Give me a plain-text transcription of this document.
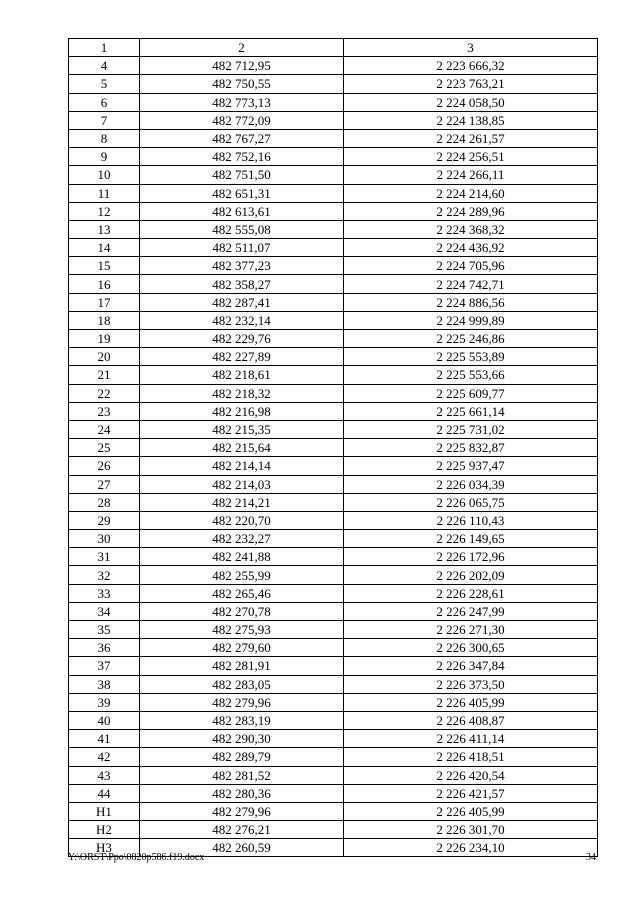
1	2	3
4	482 712,95	2 223 666,32
5	482 750,55	2 223 763,21
6	482 773,13	2 224 058,50
7	482 772,09	2 224 138,85
8	482 767,27	2 224 261,57
9	482 752,16	2 224 256,51
10	482 751,50	2 224 266,11
11	482 651,31	2 224 214,60
12	482 613,61	2 224 289,96
13	482 555,08	2 224 368,32
14	482 511,07	2 224 436,92
15	482 377,23	2 224 705,96
16	482 358,27	2 224 742,71
17	482 287,41	2 224 886,56
18	482 232,14	2 224 999,89
19	482 229,76	2 225 246,86
20	482 227,89	2 225 553,89
21	482 218,61	2 225 553,66
22	482 218,32	2 225 609,77
23	482 216,98	2 225 661,14
24	482 215,35	2 225 731,02
25	482 215,64	2 225 832,87
26	482 214,14	2 225 937,47
27	482 214,03	2 226 034,39
28	482 214,21	2 226 065,75
29	482 220,70	2 226 110,43
30	482 232,27	2 226 149,65
31	482 241,88	2 226 172,96
32	482 255,99	2 226 202,09
33	482 265,46	2 226 228,61
34	482 270,78	2 226 247,99
35	482 275,93	2 226 271,30
36	482 279,60	2 226 300,65
37	482 281,91	2 226 347,84
38	482 283,05	2 226 373,50
39	482 279,96	2 226 405,99
40	482 283,19	2 226 408,87
41	482 290,30	2 226 411,14
42	482 289,79	2 226 418,51
43	482 281,52	2 226 420,54
44	482 280,36	2 226 421,57
Н1	482 279,96	2 226 405,99
Н2	482 276,21	2 226 301,70
Н3	482 260,59	2 226 234,10
Y:\ORST\Ppo\0820p586.f19.docx	34
